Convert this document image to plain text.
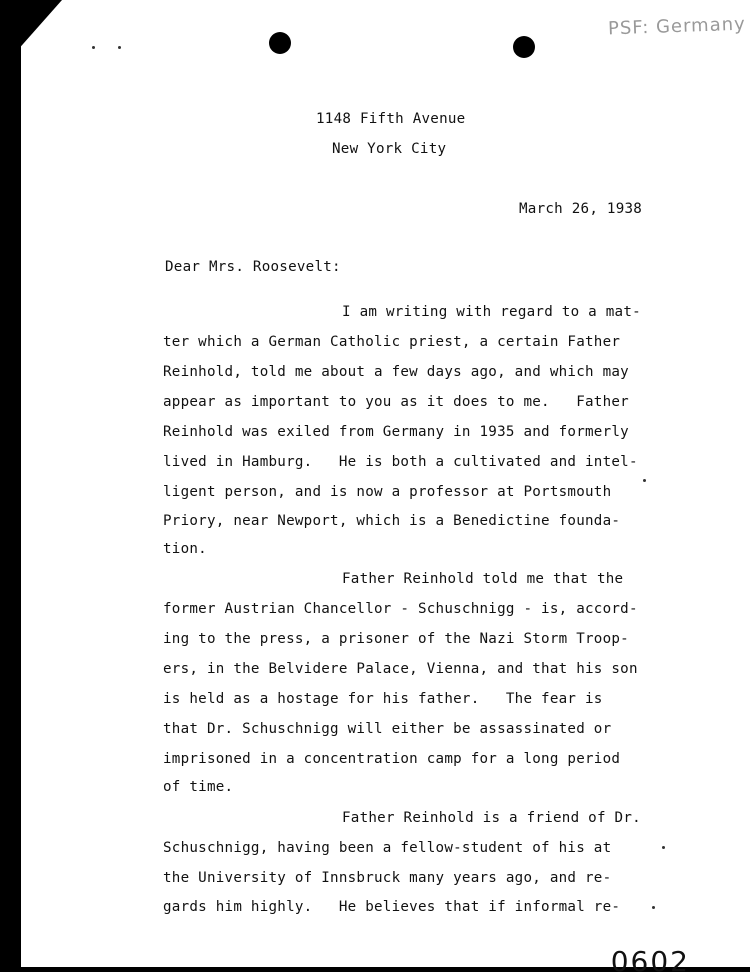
PSF: Germany
1148 Fifth Avenue
New York City
March 26, 1938
Dear Mrs. Roosevelt:
I am writing with regard to a mat-
ter which a German Catholic priest, a certain Father
Reinhold, told me about a few days ago, and which may
appear as important to you as it does to me.   Father
Reinhold was exiled from Germany in 1935 and formerly
lived in Hamburg.   He is both a cultivated and intel-
ligent person, and is now a professor at Portsmouth
Priory, near Newport, which is a Benedictine founda-
tion.
Father Reinhold told me that the
former Austrian Chancellor - Schuschnigg - is, accord-
ing to the press, a prisoner of the Nazi Storm Troop-
ers, in the Belvidere Palace, Vienna, and that his son
is held as a hostage for his father.   The fear is
that Dr. Schuschnigg will either be assassinated or
imprisoned in a concentration camp for a long period
of time.
Father Reinhold is a friend of Dr.
Schuschnigg, having been a fellow-student of his at
the University of Innsbruck many years ago, and re-
gards him highly.   He believes that if informal re-
0602
